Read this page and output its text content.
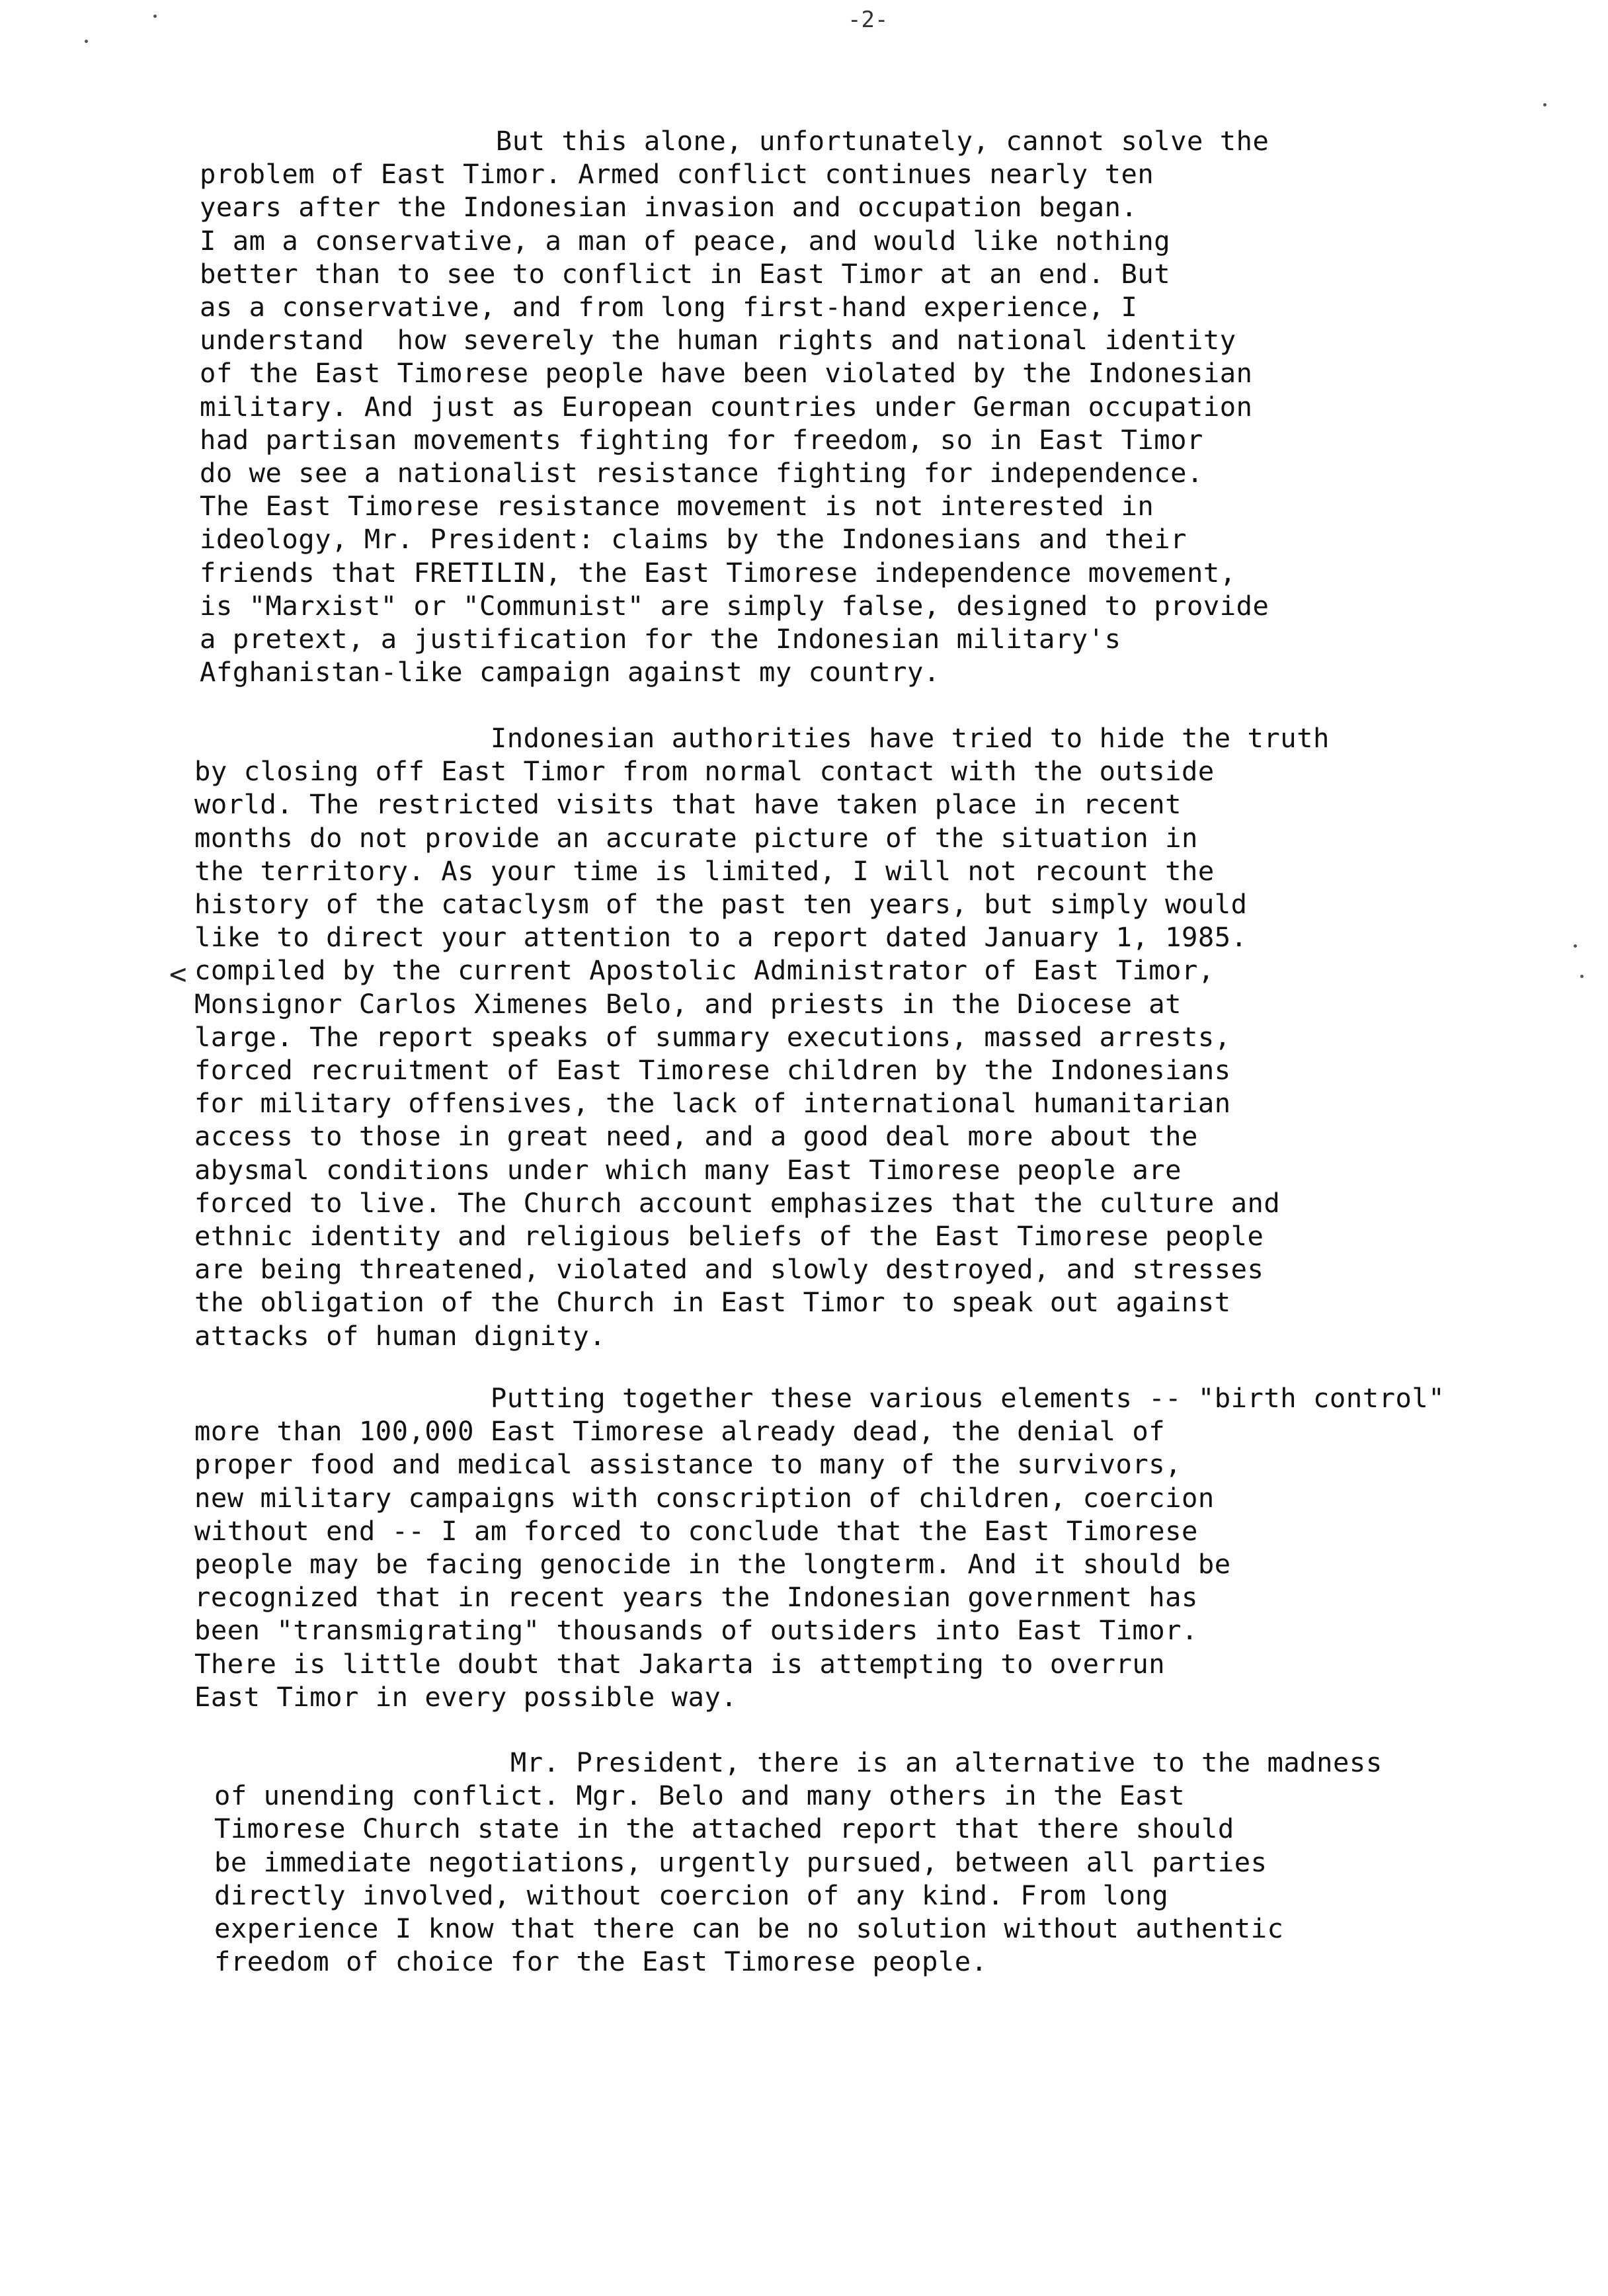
-2-
<
But this alone, unfortunately, cannot solve the
problem of East Timor. Armed conflict continues nearly ten
years after the Indonesian invasion and occupation began.
I am a conservative, a man of peace, and would like nothing
better than to see to conflict in East Timor at an end. But
as a conservative, and from long first-hand experience, I
understand  how severely the human rights and national identity
of the East Timorese people have been violated by the Indonesian
military. And just as European countries under German occupation
had partisan movements fighting for freedom, so in East Timor
do we see a nationalist resistance fighting for independence.
The East Timorese resistance movement is not interested in
ideology, Mr. President: claims by the Indonesians and their
friends that FRETILIN, the East Timorese independence movement,
is "Marxist" or "Communist" are simply false, designed to provide
a pretext, a justification for the Indonesian military's
Afghanistan-like campaign against my country.
Indonesian authorities have tried to hide the truth
by closing off East Timor from normal contact with the outside
world. The restricted visits that have taken place in recent
months do not provide an accurate picture of the situation in
the territory. As your time is limited, I will not recount the
history of the cataclysm of the past ten years, but simply would
like to direct your attention to a report dated January 1, 1985.
compiled by the current Apostolic Administrator of East Timor,
Monsignor Carlos Ximenes Belo, and priests in the Diocese at
large. The report speaks of summary executions, massed arrests,
forced recruitment of East Timorese children by the Indonesians
for military offensives, the lack of international humanitarian
access to those in great need, and a good deal more about the
abysmal conditions under which many East Timorese people are
forced to live. The Church account emphasizes that the culture and
ethnic identity and religious beliefs of the East Timorese people
are being threatened, violated and slowly destroyed, and stresses
the obligation of the Church in East Timor to speak out against
attacks of human dignity.
Putting together these various elements -- "birth control"
more than 100,000 East Timorese already dead, the denial of
proper food and medical assistance to many of the survivors,
new military campaigns with conscription of children, coercion
without end -- I am forced to conclude that the East Timorese
people may be facing genocide in the longterm. And it should be
recognized that in recent years the Indonesian government has
been "transmigrating" thousands of outsiders into East Timor.
There is little doubt that Jakarta is attempting to overrun
East Timor in every possible way.
Mr. President, there is an alternative to the madness
of unending conflict. Mgr. Belo and many others in the East
Timorese Church state in the attached report that there should
be immediate negotiations, urgently pursued, between all parties
directly involved, without coercion of any kind. From long
experience I know that there can be no solution without authentic
freedom of choice for the East Timorese people.
